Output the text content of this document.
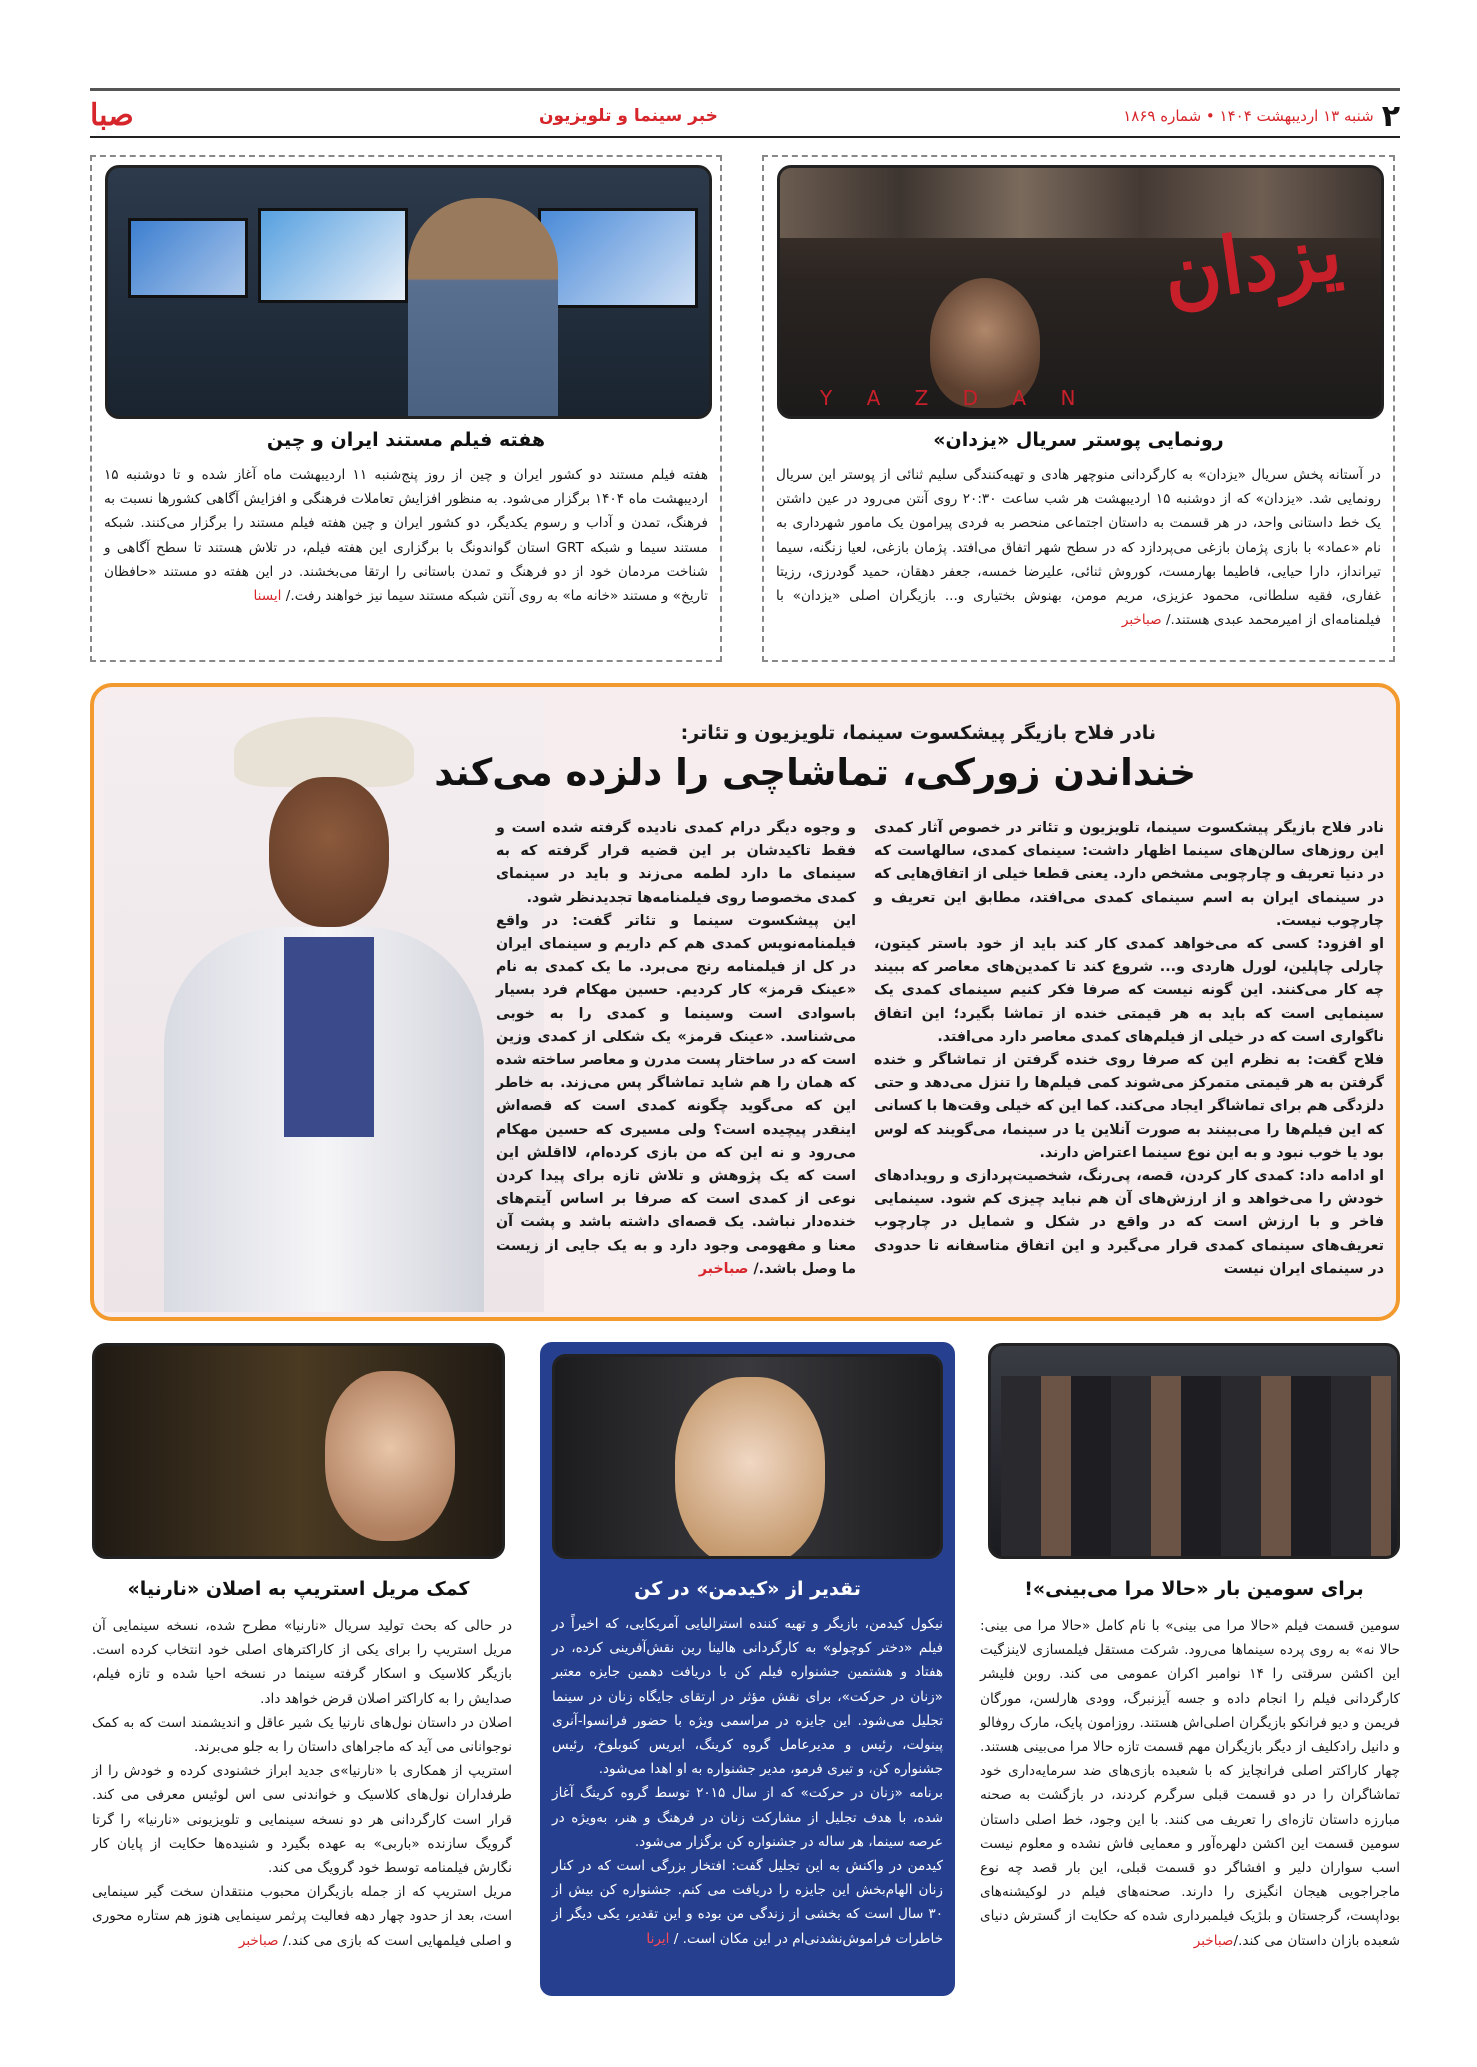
۲
شنبه ۱۳ اردیبهشت ۱۴۰۴ • شماره ۱۸۶۹
خبر سینما و تلویزیون
صبا
یزدان
Y A Z D A N
رونمایی پوستر سریال «یزدان»
در آستانه پخش سریال «یزدان» به کارگردانی منوچهر هادی و تهیه‌کنندگی سلیم ثنائی از پوستر این سریال رونمایی شد. «یزدان» که از دوشنبه ۱۵ اردیبهشت هر شب ساعت ۲۰:۳۰ روی آنتن می‌رود در عین داشتن یک خط داستانی واحد، در هر قسمت به داستان اجتماعی منحصر به فردی پیرامون یک مامور شهرداری به نام «عماد» با بازی پژمان بازغی می‌پردازد که در سطح شهر اتفاق می‌افتد. پژمان بازغی، لعیا زنگنه، سیما تیرانداز، دارا حیایی، فاطیما بهارمست، کوروش ثنائی، علیرضا خمسه، جعفر دهقان، حمید گودرزی، رزیتا غفاری، فقیه سلطانی، محمود عزیزی، مریم مومن، بهنوش بختیاری و... بازیگران اصلی «یزدان» با فیلمنامه‌ای از امیرمحمد عبدی هستند./ صباخبر
هفته فیلم مستند ایران و چین
هفته فیلم مستند دو کشور ایران و چین از روز پنج‌شنبه ۱۱ اردیبهشت ماه آغاز شده و تا دوشنبه ۱۵ اردیبهشت ماه ۱۴۰۴ برگزار می‌شود. به منظور افزایش تعاملات فرهنگی و افزایش آگاهی کشورها نسبت به فرهنگ، تمدن و آداب و رسوم یکدیگر، دو کشور ایران و چین هفته فیلم مستند را برگزار می‌کنند. شبکه مستند سیما و شبکه GRT استان گواندونگ با برگزاری این هفته فیلم، در تلاش هستند تا سطح آگاهی و شناخت مردمان خود از دو فرهنگ و تمدن باستانی را ارتقا می‌بخشند. در این هفته دو مستند «حافظان تاریخ» و مستند «خانه ما» به روی آنتن شبکه مستند سیما نیز خواهند رفت./ ایسنا
نادر فلاح بازیگر پیشکسوت سینما، تلویزیون و تئاتر:
خنداندن زورکی، تماشاچی را دلزده می‌کند

نادر فلاح بازیگر پیشکسوت سینما، تلویزیون و تئاتر در خصوص آثار کمدی این روزهای سالن‌های سینما اظهار داشت: سینمای کمدی، سالهاست که در دنیا تعریف و چارچوبی مشخص دارد. یعنی قطعا خیلی از اتفاق‌هایی که در سینمای ایران به اسم سینمای کمدی می‌افتد، مطابق این تعریف و چارچوب نیست.

او افزود: کسی که می‌خواهد کمدی کار کند باید از خود باستر کیتون، چارلی چاپلین، لورل هاردی و... شروع کند تا کمدین‌های معاصر که ببیند چه کار می‌کنند. این گونه نیست که صرفا فکر کنیم سینمای کمدی یک سینمایی است که باید به هر قیمتی خنده از تماشا بگیرد؛ این اتفاق ناگواری است که در خیلی از فیلم‌های کمدی معاصر دارد می‌افتد.

فلاح گفت: به نظرم این که صرفا روی خنده گرفتن از تماشاگر و خنده گرفتن به هر قیمتی متمرکز می‌شوند کمی فیلم‌ها را تنزل می‌دهد و حتی دلزدگی هم برای تماشاگر ایجاد می‌کند. کما این که خیلی وقت‌ها با کسانی که این فیلم‌ها را می‌بینند به صورت آنلاین یا در سینما، می‌گویند که لوس بود یا خوب نبود و به این نوع سینما اعتراض دارند.

او ادامه داد: کمدی کار کردن، قصه، پی‌رنگ، شخصیت‌پردازی و رویدادهای خودش را می‌خواهد و از ارزش‌های آن هم نباید چیزی کم شود. سینمایی فاخر و با ارزش است که در واقع در شکل و شمایل در چارچوب تعریف‌های سینمای کمدی قرار می‌گیرد و این اتفاق متاسفانه تا حدودی در سینمای ایران نیست

و وجوه دیگر درام کمدی نادیده گرفته شده است و فقط تاکیدشان بر این قضیه قرار گرفته که به سینمای ما دارد لطمه می‌زند و باید در سینمای کمدی مخصوصا روی فیلمنامه‌ها تجدیدنظر شود.

این پیشکسوت سینما و تئاتر گفت: در واقع فیلمنامه‌نویس کمدی هم کم داریم و سینمای ایران در کل از فیلمنامه رنج می‌برد. ما یک کمدی به نام «عینک قرمز» کار کردیم. حسین مهکام فرد بسیار باسوادی است وسینما و کمدی را به خوبی می‌شناسد. «عینک قرمز» یک شکلی از کمدی وزین است که در ساختار پست مدرن و معاصر ساخته شده که همان را هم شاید تماشاگر پس می‌زند. به خاطر این که می‌گوید چگونه کمدی است که قصه‌اش اینقدر پیچیده است؟ ولی مسیری که حسین مهکام می‌رود و نه این که من بازی کرده‌ام، لااقلش این است که یک پژوهش و تلاش تازه برای پیدا کردن نوعی از کمدی است که صرفا بر اساس آیتم‌های خنده‌دار نباشد. یک قصه‌ای داشته باشد و پشت آن معنا و مفهومی وجود دارد و به یک جایی از زیست ما وصل باشد./ صباخبر

برای سومین بار «حالا مرا می‌بینی»!
سومین قسمت فیلم «حالا مرا می بینی» با نام کامل «حالا مرا می بینی: حالا نه» به روی پرده سینماها می‌رود. شرکت مستقل فیلمسازی لاینزگیت این اکشن سرقتی را ۱۴ نوامبر اکران عمومی می کند. روبن فلیشر کارگردانی فیلم را انجام داده و جسه آیزنبرگ، وودی هارلسن، مورگان فریمن و دیو فرانکو بازیگران اصلی‌اش هستند. روزامون پایک، مارک روفالو و دانیل رادکلیف از دیگر بازیگران مهم قسمت تازه حالا مرا می‌بینی هستند. چهار کاراکتر اصلی فرانچایز که با شعبده بازی‌های ضد سرمایه‌داری خود تماشاگران را در دو قسمت قبلی سرگرم کردند، در بازگشت به صحنه مبارزه داستان تازه‌ای را تعریف می کنند. با این وجود، خط اصلی داستان سومین قسمت این اکشن دلهره‌آور و معمایی فاش نشده و معلوم نیست اسب سواران دلیر و افشاگر دو قسمت قبلی، این بار قصد چه نوع ماجراجویی هیجان انگیزی را دارند. صحنه‌های فیلم در لوکیشنه‌های بوداپست، گرجستان و بلژیک فیلمبرداری شده که حکایت از گسترش دنیای شعبده بازان داستان می کند./صباخبر
تقدیر از «کیدمن» در کن

نیکول کیدمن، بازیگر و تهیه کننده استرالیایی آمریکایی، که اخیراً در فیلم «دختر کوچولو» به کارگردانی هالینا رین نقش‌آفرینی کرده، در هفتاد و هشتمین جشنواره فیلم کن با دریافت دهمین جایزه معتبر «زنان در حرکت»، برای نقش مؤثر در ارتقای جایگاه زنان در سینما تجلیل می‌شود. این جایزه در مراسمی ویژه با حضور فرانسوا-آنری پینولت، رئیس و مدیرعامل گروه کرینگ، ایریس کنوبلوخ، رئیس جشنواره کن، و تیری فرمو، مدیر جشنواره به او اهدا می‌شود.

برنامه «زنان در حرکت» که از سال ۲۰۱۵ توسط گروه کرینگ آغاز شده، با هدف تجلیل از مشارکت زنان در فرهنگ و هنر، به‌ویژه در عرصه سینما، هر ساله در جشنواره کن برگزار می‌شود.

کیدمن در واکنش به این تجلیل گفت: افتخار بزرگی است که در کنار زنان الهام‌بخش این جایزه را دریافت می کنم. جشنواره کن بیش از ۳۰ سال است که بخشی از زندگی من بوده و این تقدیر، یکی دیگر از خاطرات فراموش‌نشدنی‌ام در این مکان است. / ایرنا

کمک مریل استریپ به اصلان «نارنیا»

در حالی که بحث تولید سریال «نارنیا» مطرح شده، نسخه سینمایی آن مریل استریپ را برای یکی از کاراکترهای اصلی خود انتخاب کرده است. بازیگر کلاسیک و اسکار گرفته سینما در نسخه احیا شده و تازه فیلم، صدایش را به کاراکتر اصلان قرض خواهد داد.

اصلان در داستان نول‌های نارنیا یک شیر عاقل و اندیشمند است که به کمک نوجوانانی می آید که ماجراهای داستان را به جلو می‌برند.

استریپ از همکاری با «نارنیا»ی جدید ابراز خشنودی کرده و خودش را از طرفداران نول‌های کلاسیک و خواندنی سی اس لوئیس معرفی می کند. قرار است کارگردانی هر دو نسخه سینمایی و تلویزیونی «نارنیا» را گرتا گرویگ سازنده «باربی» به عهده بگیرد و شنیده‌ها حکایت از پایان کار نگارش فیلمنامه توسط خود گرویگ می کند.

مریل استریپ که از جمله بازیگران محبوب منتقدان سخت گیر سینمایی است، بعد از حدود چهار دهه فعالیت پرثمر سینمایی هنوز هم ستاره محوری و اصلی فیلمهایی است که بازی می کند./ صباخبر
